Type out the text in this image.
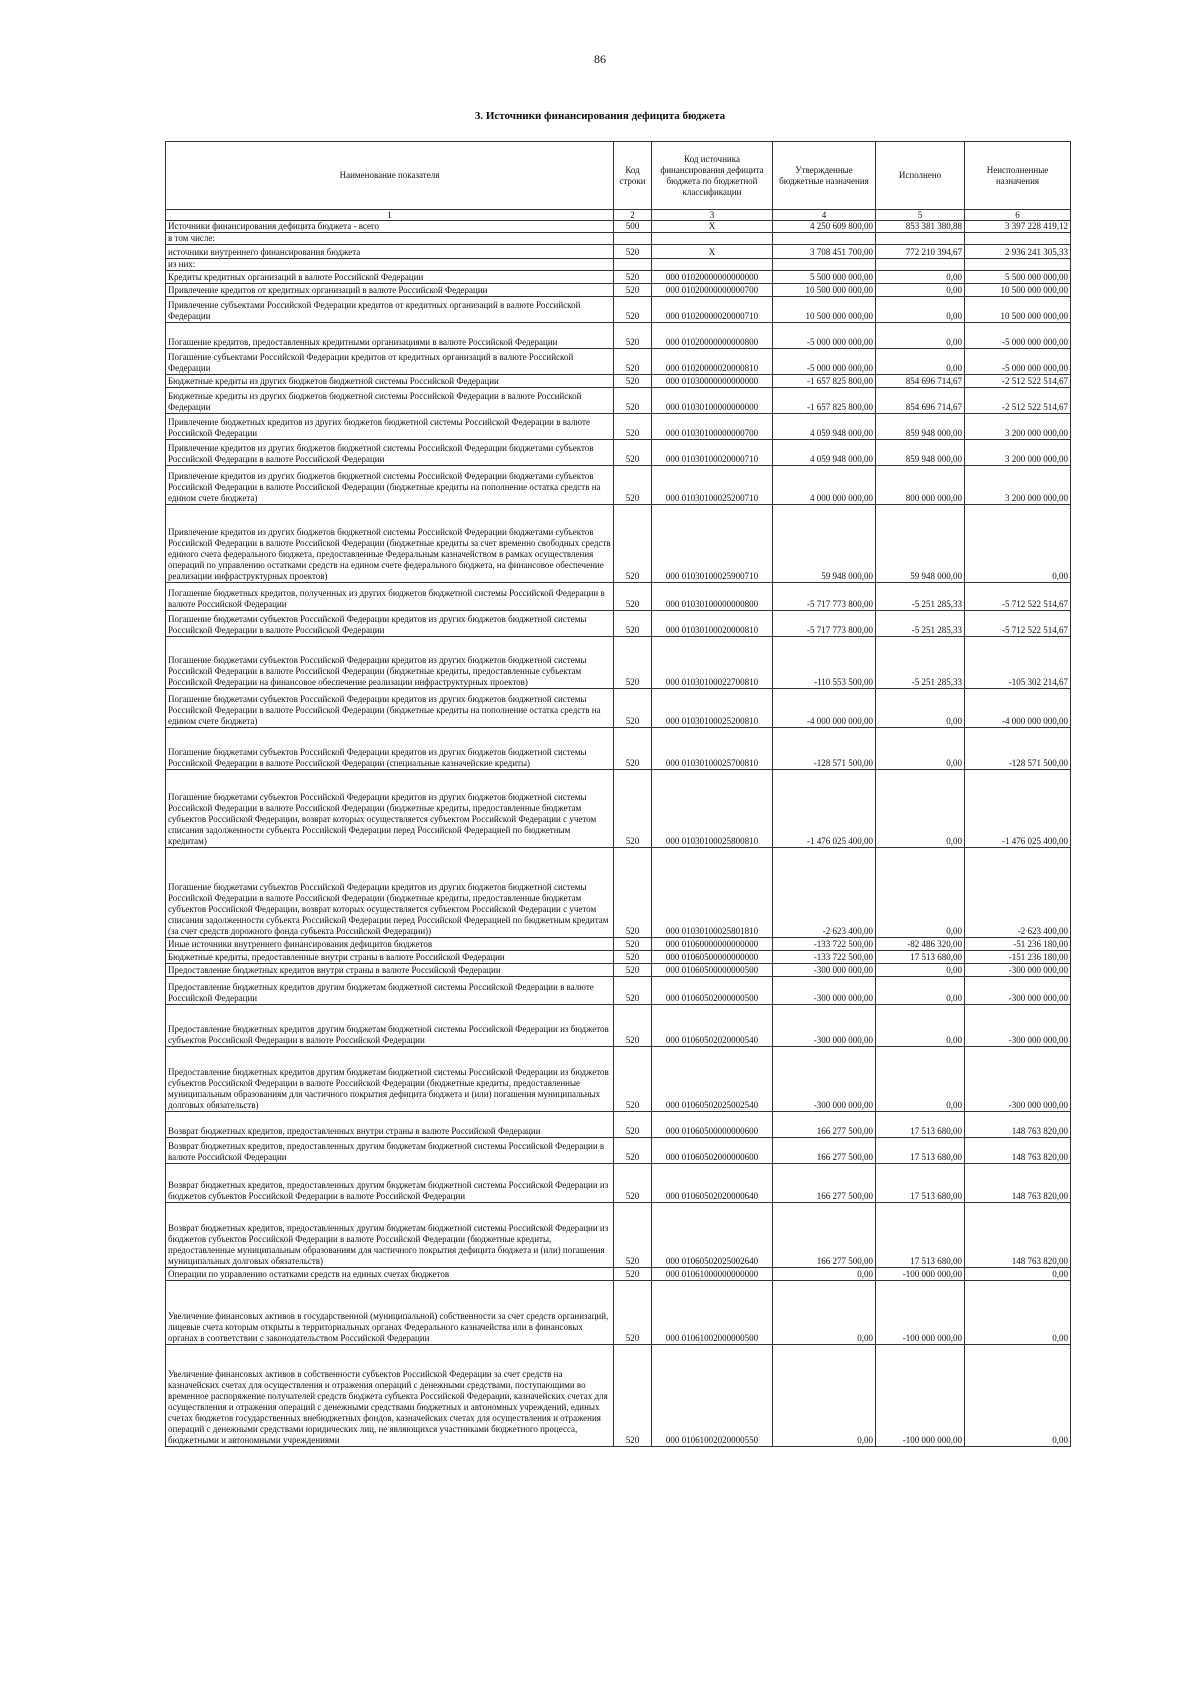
86
3. Источники финансирования дефицита бюджета
Наименование показателя	Код строки	Код источника финансирования дефицита бюджета по бюджетной классификации	Утвержденные бюджетные назначения	Исполнено	Неисполненные назначения
1	2	3	4	5	6
Источники финансирования дефицита бюджета - всего	500	X	4 250 609 800,00	853 381 380,88	3 397 228 419,12
в том числе:					
источники внутреннего финансирования бюджета	520	X	3 708 451 700,00	772 210 394,67	2 936 241 305,33
из них:					
Кредиты кредитных организаций в валюте Российской Федерации	520	000 01020000000000000	5 500 000 000,00	0,00	5 500 000 000,00
Привлечение кредитов от кредитных организаций в валюте Российской Федерации	520	000 01020000000000700	10 500 000 000,00	0,00	10 500 000 000,00
Привлечение субъектами Российской Федерации кредитов от кредитных организаций в валюте Российской Федерации	520	000 01020000020000710	10 500 000 000,00	0,00	10 500 000 000,00
Погашение кредитов, предоставленных кредитными организациями в валюте Российской Федерации	520	000 01020000000000800	-5 000 000 000,00	0,00	-5 000 000 000,00
Погашение субъектами Российской Федерации кредитов от кредитных организаций в валюте Российской Федерации	520	000 01020000020000810	-5 000 000 000,00	0,00	-5 000 000 000,00
Бюджетные кредиты из других бюджетов бюджетной системы Российской Федерации	520	000 01030000000000000	-1 657 825 800,00	854 696 714,67	-2 512 522 514,67
Бюджетные кредиты из других бюджетов бюджетной системы Российской Федерации в валюте Российской Федерации	520	000 01030100000000000	-1 657 825 800,00	854 696 714,67	-2 512 522 514,67
Привлечение бюджетных кредитов из других бюджетов бюджетной системы Российской Федерации в валюте Российской Федерации	520	000 01030100000000700	4 059 948 000,00	859 948 000,00	3 200 000 000,00
Привлечение кредитов из других бюджетов бюджетной системы Российской Федерации бюджетами субъектов Российской Федерации в валюте Российской Федерации	520	000 01030100020000710	4 059 948 000,00	859 948 000,00	3 200 000 000,00
Привлечение кредитов из других бюджетов бюджетной системы Российской Федерации бюджетами субъектов Российской Федерации в валюте Российской Федерации (бюджетные кредиты на пополнение остатка средств на едином счете бюджета)	520	000 01030100025200710	4 000 000 000,00	800 000 000,00	3 200 000 000,00
Привлечение кредитов из других бюджетов бюджетной системы Российской Федерации бюджетами субъектов Российской Федерации в валюте Российской Федерации (бюджетные кредиты за счет временно свободных средств единого счета федерального бюджета, предоставленные Федеральным казначейством в рамках осуществления операций по управлению остатками средств на едином счете федерального бюджета, на финансовое обеспечение реализации инфраструктурных проектов)	520	000 01030100025900710	59 948 000,00	59 948 000,00	0,00
Погашение бюджетных кредитов, полученных из других бюджетов бюджетной системы Российской Федерации в валюте Российской Федерации	520	000 01030100000000800	-5 717 773 800,00	-5 251 285,33	-5 712 522 514,67
Погашение бюджетами субъектов Российской Федерации кредитов из других бюджетов бюджетной системы Российской Федерации в валюте Российской Федерации	520	000 01030100020000810	-5 717 773 800,00	-5 251 285,33	-5 712 522 514,67
Погашение бюджетами субъектов Российской Федерации кредитов из других бюджетов бюджетной системы Российской Федерации в валюте Российской Федерации (бюджетные кредиты, предоставленные субъектам Российской Федерации на финансовое обеспечение реализации инфраструктурных проектов)	520	000 01030100022700810	-110 553 500,00	-5 251 285,33	-105 302 214,67
Погашение бюджетами субъектов Российской Федерации кредитов из других бюджетов бюджетной системы Российской Федерации в валюте Российской Федерации (бюджетные кредиты на пополнение остатка средств на едином счете бюджета)	520	000 01030100025200810	-4 000 000 000,00	0,00	-4 000 000 000,00
Погашение бюджетами субъектов Российской Федерации кредитов из других бюджетов бюджетной системы Российской Федерации в валюте Российской Федерации (специальные казначейские кредиты)	520	000 01030100025700810	-128 571 500,00	0,00	-128 571 500,00
Погашение бюджетами субъектов Российской Федерации кредитов из других бюджетов бюджетной системы Российской Федерации в валюте Российской Федерации (бюджетные кредиты, предоставленные бюджетам субъектов Российской Федерации, возврат которых осуществляется субъектом Российской Федерации с учетом списания задолженности субъекта Российской Федерации перед Российской Федерацией по бюджетным кредитам)	520	000 01030100025800810	-1 476 025 400,00	0,00	-1 476 025 400,00
Погашение бюджетами субъектов Российской Федерации кредитов из других бюджетов бюджетной системы Российской Федерации в валюте Российской Федерации (бюджетные кредиты, предоставленные бюджетам субъектов Российской Федерации, возврат которых осуществляется субъектом Российской Федерации с учетом списания задолженности субъекта Российской Федерации перед Российской Федерацией по бюджетным кредитам (за счет средств дорожного фонда субъекта Российской Федерации))	520	000 01030100025801810	-2 623 400,00	0,00	-2 623 400,00
Иные источники внутреннего финансирования дефицитов бюджетов	520	000 01060000000000000	-133 722 500,00	-82 486 320,00	-51 236 180,00
Бюджетные кредиты, предоставленные внутри страны в валюте Российской Федерации	520	000 01060500000000000	-133 722 500,00	17 513 680,00	-151 236 180,00
Предоставление бюджетных кредитов внутри страны в валюте Российской Федерации	520	000 01060500000000500	-300 000 000,00	0,00	-300 000 000,00
Предоставление бюджетных кредитов другим бюджетам бюджетной системы Российской Федерации в валюте Российской Федерации	520	000 01060502000000500	-300 000 000,00	0,00	-300 000 000,00
Предоставление бюджетных кредитов другим бюджетам бюджетной системы Российской Федерации из бюджетов субъектов Российской Федерации в валюте Российской Федерации	520	000 01060502020000540	-300 000 000,00	0,00	-300 000 000,00
Предоставление бюджетных кредитов другим бюджетам бюджетной системы Российской Федерации из бюджетов субъектов Российской Федерации в валюте Российской Федерации (бюджетные кредиты, предоставленные муниципальным образованиям для частичного покрытия дефицита бюджета и (или) погашения муниципальных долговых обязательств)	520	000 01060502025002540	-300 000 000,00	0,00	-300 000 000,00
Возврат бюджетных кредитов, предоставленных внутри страны в валюте Российской Федерации	520	000 01060500000000600	166 277 500,00	17 513 680,00	148 763 820,00
Возврат бюджетных кредитов, предоставленных другим бюджетам бюджетной системы Российской Федерации в валюте Российской Федерации	520	000 01060502000000600	166 277 500,00	17 513 680,00	148 763 820,00
Возврат бюджетных кредитов, предоставленных другим бюджетам бюджетной системы Российской Федерации из бюджетов субъектов Российской Федерации в валюте Российской Федерации	520	000 01060502020000640	166 277 500,00	17 513 680,00	148 763 820,00
Возврат бюджетных кредитов, предоставленных другим бюджетам бюджетной системы Российской Федерации из бюджетов субъектов Российской Федерации в валюте Российской Федерации (бюджетные кредиты, предоставленные муниципальным образованиям для частичного покрытия дефицита бюджета и (или) погашения муниципальных долговых обязательств)	520	000 01060502025002640	166 277 500,00	17 513 680,00	148 763 820,00
Операции по управлению остатками средств на единых счетах бюджетов	520	000 01061000000000000	0,00	-100 000 000,00	0,00
Увеличение финансовых активов в государственной (муниципальной) собственности за счет средств организаций, лицевые счета которым открыты в территориальных органах Федерального казначейства или в финансовых органах в соответствии с законодательством Российской Федерации	520	000 01061002000000500	0,00	-100 000 000,00	0,00
Увеличение финансовых активов в собственности субъектов Российской Федерации за счет средств на казначейских счетах для осуществления и отражения операций с денежными средствами, поступающими во временное распоряжение получателей средств бюджета субъекта Российской Федерации, казначейских счетах для осуществления и отражения операций с денежными средствами бюджетных и автономных учреждений, единых счетах бюджетов государственных внебюджетных фондов, казначейских счетах для осуществления и отражения операций с денежными средствами юридических лиц, не являющихся участниками бюджетного процесса, бюджетными и автономными учреждениями	520	000 01061002020000550	0,00	-100 000 000,00	0,00
